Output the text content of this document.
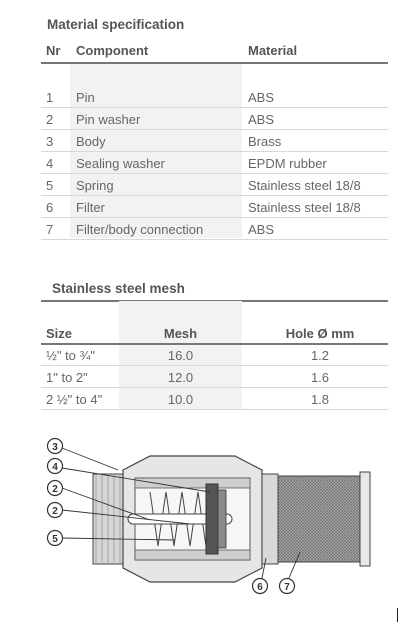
Material specification
Nr Component	Material
1 Pin	ABS
2 Pin washer	ABS
3 Body	Brass
4 Sealing washer	EPDM rubber
5 Spring	Stainless steel 18/8
6 Filter	Stainless steel 18/8
7 Filter/body connection	ABS
Stainless steel mesh
Size	Mesh	Hole Ø mm
½" to ¾"	16.0	1.2
1" to 2"	12.0	1.6
2 ½" to 4"	10.0	1.8
3
4
2
2
5
6 7
